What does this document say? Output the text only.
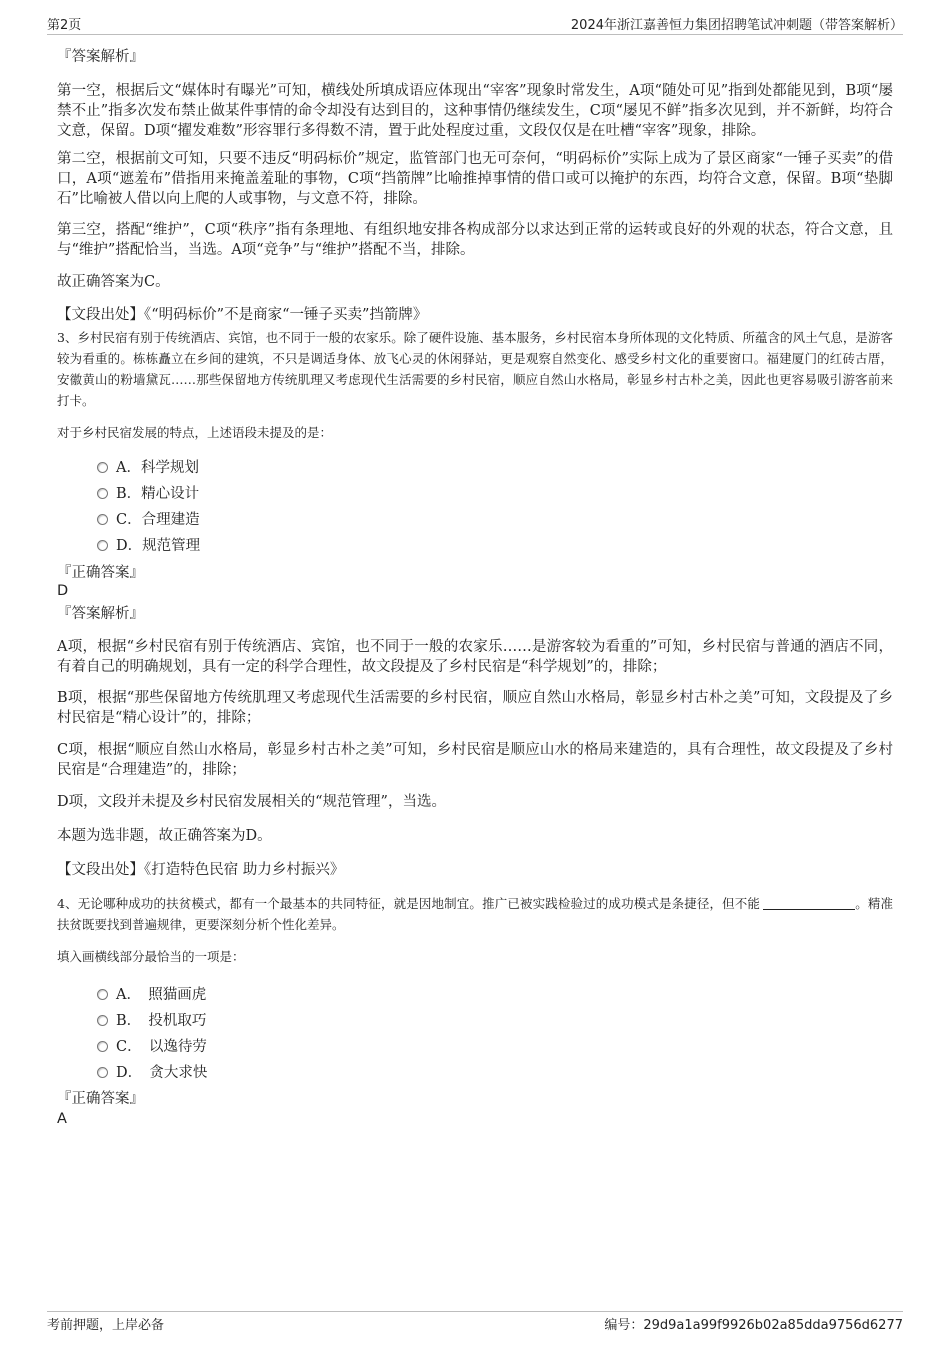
第2页	2024年浙江嘉善恒力集团招聘笔试冲刺题（带答案解析）

『答案解析』

第一空，根据后文“媒体时有曝光”可知，横线处所填成语应体现出“宰客”现象时常发生，A项“随处可见”指到处都能见到，B项“屡禁不止”指多次发布禁止做某件事情的命令却没有达到目的，这种事情仍继续发生，C项“屡见不鲜”指多次见到，并不新鲜，均符合文意，保留。D项“擢发难数”形容罪行多得数不清，置于此处程度过重，文段仅仅是在吐槽“宰客”现象，排除。

第二空，根据前文可知，只要不违反“明码标价”规定，监管部门也无可奈何，“明码标价”实际上成为了景区商家“一锤子买卖”的借口，A项“遮羞布”借指用来掩盖羞耻的事物，C项“挡箭牌”比喻推掉事情的借口或可以掩护的东西，均符合文意，保留。B项“垫脚石”比喻被人借以向上爬的人或事物，与文意不符，排除。

第三空，搭配“维护”，C项“秩序”指有条理地、有组织地安排各构成部分以求达到正常的运转或良好的外观的状态，符合文意，且与“维护”搭配恰当，当选。A项“竞争”与“维护”搭配不当，排除。

故正确答案为C。

【文段出处】《“明码标价”不是商家“一锤子买卖”挡箭牌》

3、乡村民宿有别于传统酒店、宾馆，也不同于一般的农家乐。除了硬件设施、基本服务，乡村民宿本身所体现的文化特质、所蕴含的风土气息，是游客较为看重的。栋栋矗立在乡间的建筑，不只是调适身体、放飞心灵的休闲驿站，更是观察自然变化、感受乡村文化的重要窗口。福建厦门的红砖古厝，安徽黄山的粉墙黛瓦……那些保留地方传统肌理又考虑现代生活需要的乡村民宿，顺应自然山水格局，彰显乡村古朴之美，因此也更容易吸引游客前来打卡。

对于乡村民宿发展的特点，上述语段未提及的是：

A．科学规划
B．精心设计
C．合理建造
D．规范管理

『正确答案』

D

『答案解析』

A项，根据“乡村民宿有别于传统酒店、宾馆，也不同于一般的农家乐……是游客较为看重的”可知，乡村民宿与普通的酒店不同，有着自己的明确规划，具有一定的科学合理性，故文段提及了乡村民宿是“科学规划”的，排除；

B项，根据“那些保留地方传统肌理又考虑现代生活需要的乡村民宿，顺应自然山水格局，彰显乡村古朴之美”可知，文段提及了乡村民宿是“精心设计”的，排除；

C项，根据“顺应自然山水格局，彰显乡村古朴之美”可知，乡村民宿是顺应山水的格局来建造的，具有合理性，故文段提及了乡村民宿是“合理建造”的，排除；

D项，文段并未提及乡村民宿发展相关的“规范管理”，当选。

本题为选非题，故正确答案为D。

【文段出处】《打造特色民宿 助力乡村振兴》

4、无论哪种成功的扶贫模式，都有一个最基本的共同特征，就是因地制宜。推广已被实践检验过的成功模式是条捷径，但不能	。精准扶贫既要找到普遍规律，更要深刻分析个性化差异。

填入画横线部分最恰当的一项是：

A．　照猫画虎
B．　投机取巧
C．　以逸待劳
D．　贪大求快

『正确答案』

A

考前押题，上岸必备	编号：29d9a1a99f9926b02a85dda9756d6277
